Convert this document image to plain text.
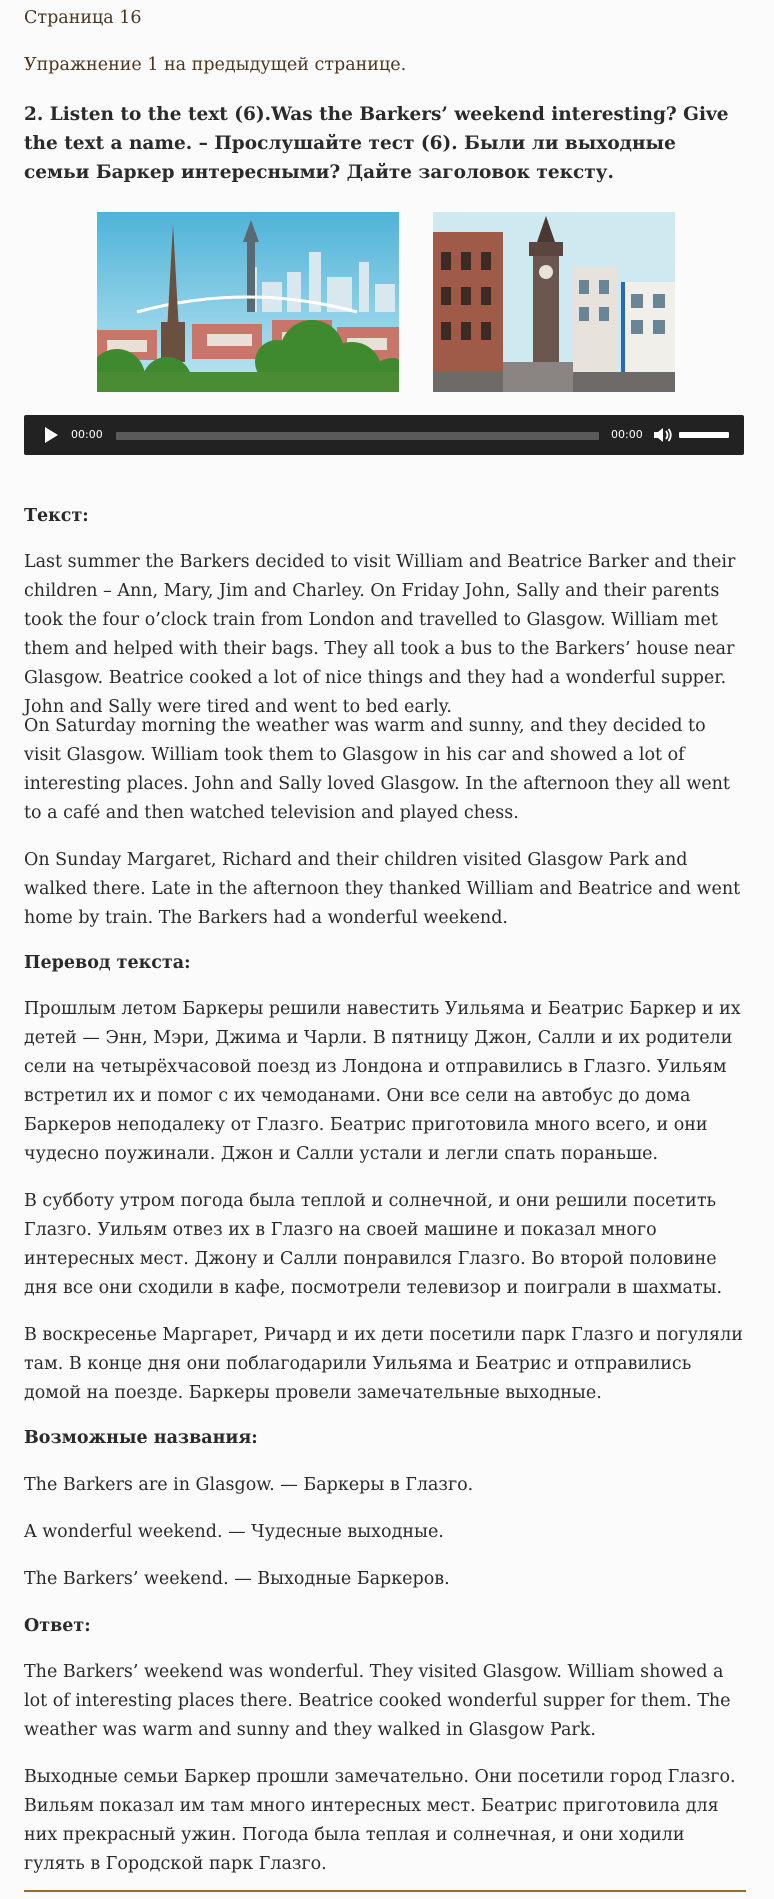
Страница 16
Упражнение 1 на предыдущей странице.
2. Listen to the text (6).Was the Barkers’ weekend interesting? Give the text a name. – Прослушайте тест (6). Были ли выходные семьи Баркер интересными? Дайте заголовок тексту.
00:00	00:00

Текст:

Last summer the Barkers decided to visit William and Beatrice Barker and their children – Ann, Mary, Jim and Charley. On Friday John, Sally and their parents took the four o’clock train from London and travelled to Glasgow. William met them and helped with their bags. They all took a bus to the Barkers’ house near Glasgow. Beatrice cooked a lot of nice things and they had a wonderful supper. John and Sally were tired and went to bed early.

On Saturday morning the weather was warm and sunny, and they decided to visit Glasgow. William took them to Glasgow in his car and showed a lot of interesting places. John and Sally loved Glasgow. In the afternoon they all went to a café and then watched television and played chess.

On Sunday Margaret, Richard and their children visited Glasgow Park and walked there. Late in the afternoon they thanked William and Beatrice and went home by train. The Barkers had a wonderful weekend.

Перевод текста:

Прошлым летом Баркеры решили навестить Уильяма и Беатрис Баркер и их детей — Энн, Мэри, Джима и Чарли. В пятницу Джон, Салли и их родители сели на четырёхчасовой поезд из Лондона и отправились в Глазго. Уильям встретил их и помог с их чемоданами. Они все сели на автобус до дома Баркеров неподалеку от Глазго. Беатрис приготовила много всего, и они чудесно поужинали. Джон и Салли устали и легли спать пораньше.

В субботу утром погода была теплой и солнечной, и они решили посетить Глазго. Уильям отвез их в Глазго на своей машине и показал много интересных мест. Джону и Салли понравился Глазго. Во второй половине дня все они сходили в кафе, посмотрели телевизор и поиграли в шахматы.

В воскресенье Маргарет, Ричард и их дети посетили парк Глазго и погуляли там. В конце дня они поблагодарили Уильяма и Беатрис и отправились домой на поезде. Баркеры провели замечательные выходные.

Возможные названия:

The Barkers are in Glasgow. — Баркеры в Глазго.

A wonderful weekend. — Чудесные выходные.

The Barkers’ weekend. — Выходные Баркеров.

Ответ:

The Barkers’ weekend was wonderful. They visited Glasgow. William showed a lot of interesting places there. Beatrice cooked wonderful supper for them. The weather was warm and sunny and they walked in Glasgow Park.

Выходные семьи Баркер прошли замечательно. Они посетили город Глазго. Вильям показал им там много интересных мест. Беатрис приготовила для них прекрасный ужин. Погода была теплая и солнечная, и они ходили гулять в Городской парк Глазго.
